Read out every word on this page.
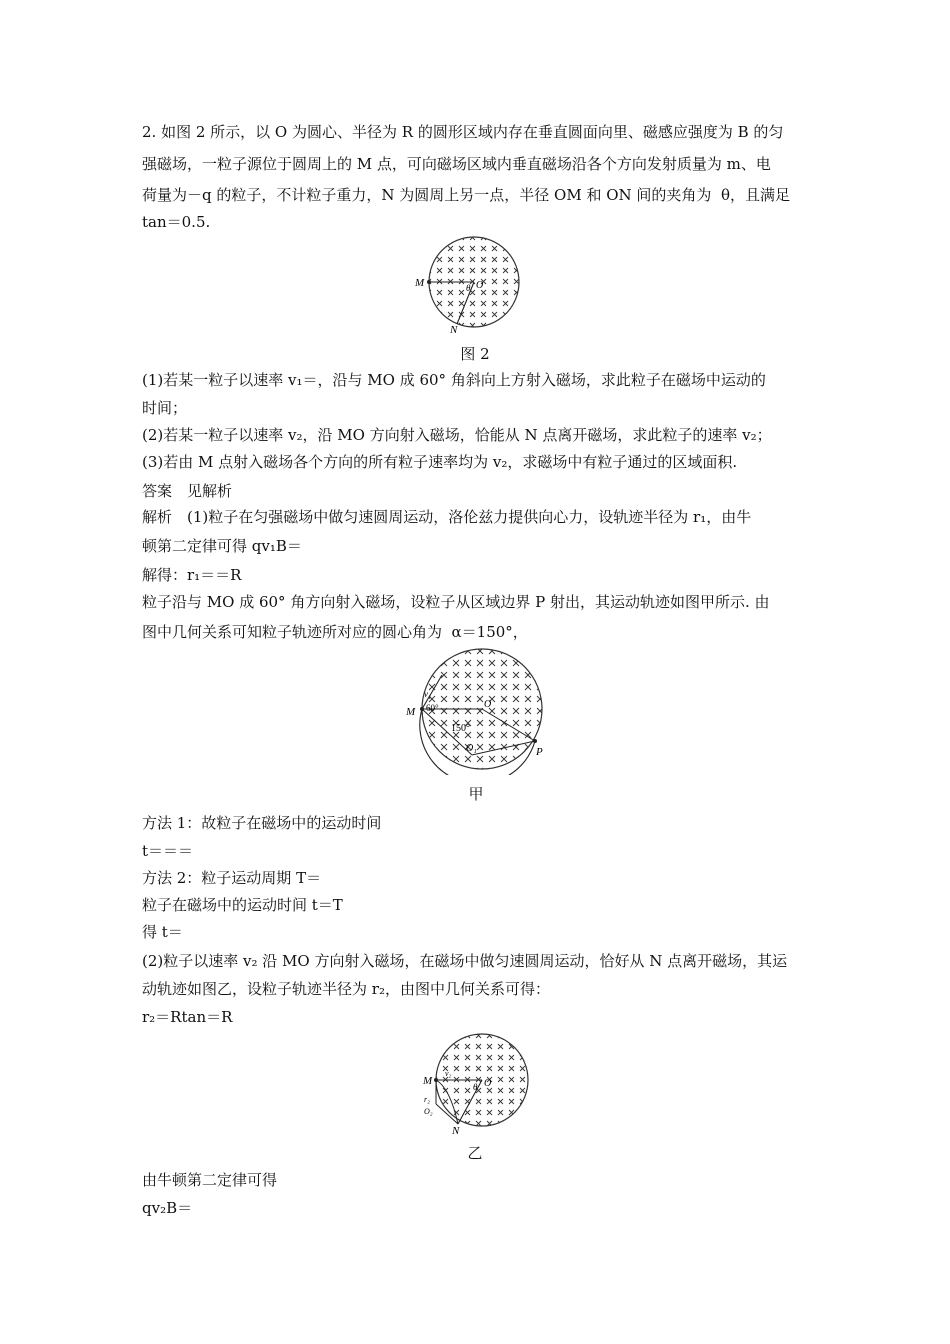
2. 如图 2 所示，以 O 为圆心、半径为 R 的圆形区域内存在垂直圆面向里、磁感应强度为 B 的匀
强磁场，一粒子源位于圆周上的 M 点，可向磁场区域内垂直磁场沿各个方向发射质量为 m、电
荷量为－q 的粒子，不计粒子重力，N 为圆周上另一点，半径 OM 和 ON 间的夹角为  θ，且满足
tan＝0.5.
M	O
θ
N
图 2
(1)若某一粒子以速率 v₁＝，沿与 MO 成 60° 角斜向上方射入磁场，求此粒子在磁场中运动的
时间；
(2)若某一粒子以速率 v₂，沿 MO 方向射入磁场，恰能从 N 点离开磁场，求此粒子的速率 v₂；
(3)若由 M 点射入磁场各个方向的所有粒子速率均为 v₂，求磁场中有粒子通过的区域面积.
答案　见解析
解析　(1)粒子在匀强磁场中做匀速圆周运动，洛伦兹力提供向心力，设轨迹半径为 r₁，由牛
顿第二定律可得 qv₁B＝
解得：r₁＝＝R
粒子沿与 MO 成 60° 角方向射入磁场，设粒子从区域边界 P 射出，其运动轨迹如图甲所示. 由
图中几何关系可知粒子轨迹所对应的圆心角为  α＝150°，
M
v₁
60°	O
150°
O₁	P
甲
方法 1：故粒子在磁场中的运动时间
t＝＝＝
方法 2：粒子运动周期 T＝
粒子在磁场中的运动时间 t＝T
得 t＝
(2)粒子以速率 v₂ 沿 MO 方向射入磁场，在磁场中做匀速圆周运动，恰好从 N 点离开磁场，其运
动轨迹如图乙，设粒子轨迹半径为 r₂，由图中几何关系可得：
r₂＝Rtan＝R
M
v₂
O
θ
r₂
O₂
N
乙
由牛顿第二定律可得
qv₂B＝
